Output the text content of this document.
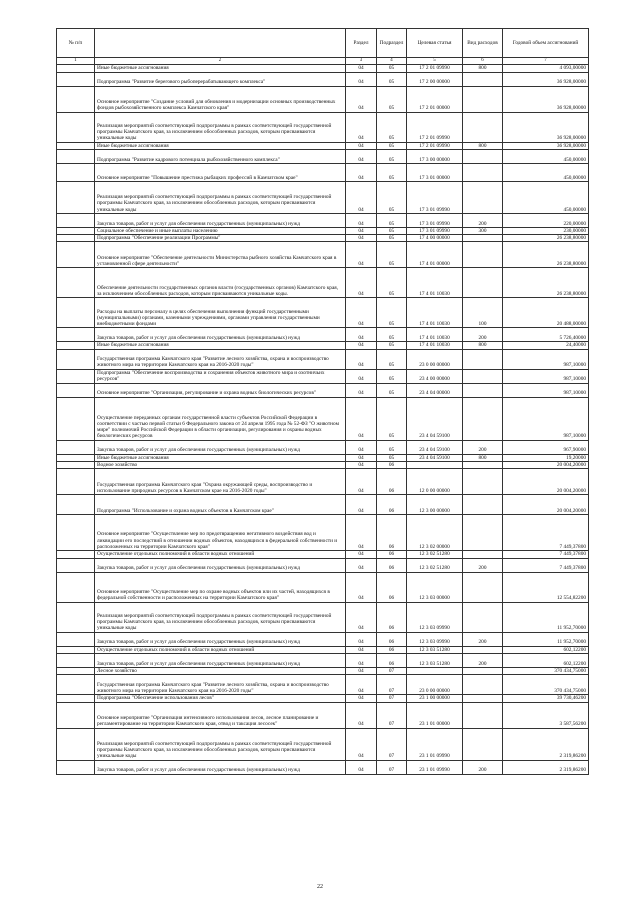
№ п/п		Раздел	Подраздел	Целевая статья	Вид расходов	Годовой объем ассигнований
1	2	3	4	5	6	7
	Иные бюджетные ассигнования	04	05	17 2 01 09990	800	4 093,00000
	Подпрограмма "Развитие берегового рыбоперерабатывающего комплекса"	04	05	17 2 00 00000		36 928,00000
	Основное мероприятие "Создание условий для обновления и модернизации основных производственных фондов рыбохозяйственного комплекса Камчатского края"	04	05	17 2 01 00000		36 928,00000
	Реализация мероприятий соответствующей подпрограммы в рамках соответствующей государственной программы Камчатского края, за исключением обособленных расходов, которым присваиваются уникальные коды	04	05	17 2 01 09990		36 928,00000
	Иные бюджетные ассигнования	04	05	17 2 01 09990	800	36 928,00000
	Подпрограмма "Развитие кадрового потенциала рыбохозяйственного комплекса"	04	05	17 3 00 00000		450,00000
	Основное мероприятие "Повышение престижа рыбацких профессий в Камчатском крае"	04	05	17 3 01 00000		450,00000
	Реализация мероприятий соответствующей подпрограммы в рамках соответствующей государственной программы Камчатского края, за исключением обособленных расходов, которым присваиваются уникальные коды	04	05	17 3 01 09990		450,00000
	Закупка товаров, работ и услуг для обеспечения государственных (муниципальных) нужд	04	05	17 3 01 09990	200	220,00000
	Социальное обеспечение и иные выплаты населению	04	05	17 3 01 09990	300	230,00000
	Подпрограмма "Обеспечение реализации Программы"	04	05	17 4 00 00000		26 238,80000
	Основное мероприятие "Обеспечение деятельности Министерства рыбного хозяйства Камчатского края в установленной сфере деятельности"	04	05	17 4 01 00000		26 238,80000
	Обеспечение деятельности государственных органов власти (государственных органов) Камчатского края, за исключением обособленных расходов, которым присваиваются уникальные коды.	04	05	17 4 01 10030		26 238,80000
	Расходы на выплаты персоналу в целях обеспечения выполнения функций государственными (муниципальными) органами, казенными учреждениями, органами управления государственными внебюджетными фондами	04	05	17 4 01 10030	100	20 488,00000
	Закупка товаров, работ и услуг для обеспечения государственных (муниципальных) нужд	04	05	17 4 01 10030	200	5 726,40000
	Иные бюджетные ассигнования	04	05	17 4 01 10030	800	24,40000
	Государственная программа Камчатского края "Развитие лесного хозяйства, охрана и воспроизводство животного мира на территории Камчатского края на 2016-2020 годы"	04	05	23 0 00 00000		987,10000
	Подпрограмма "Обеспечение воспроизводства и сохранения объектов животного мира и охотничьих ресурсов"	04	05	23 4 00 00000		987,10000
	Основное мероприятие "Организация, регулирование и охрана водных биологических ресурсов"	04	05	23 4 04 00000		987,10000
	Осуществление переданных органам государственной власти субъектов Российской Федерации в соответствии с частью первой статьи 6 Федерального закона от 24 апреля 1995 года № 52-ФЗ "О животном мире" полномочий Российской Федерации в области организации, регулирования и охраны водных биологических ресурсов	04	05	23 4 04 59100		987,10000
	Закупка товаров, работ и услуг для обеспечения государственных (муниципальных) нужд	04	05	23 4 04 59100	200	967,90000
	Иные бюджетные ассигнования	04	05	23 4 04 59100	800	19,20000
	Водное хозяйство	04	06			20 004,20000
	Государственная программа Камчатского края "Охрана окружающей среды, воспроизводство и использование природных ресурсов в Камчатском крае на 2016-2020 годы"	04	06	12 0 00 00000		20 004,20000
	Подпрограмма "Использование и охрана водных объектов в Камчатском крае"	04	06	12 3 00 00000		20 004,20000
	Основное мероприятие "Осуществление мер по предотвращению негативного воздействия вод и ликвидации его последствий в отношении водных объектов, находящихся в федеральной собственности и расположенных на территории Камчатского края"	04	06	12 3 02 00000		7 449,37800
	Осуществление отдельных полномочий в области водных отношений	04	06	12 3 02 51280		7 449,37800
	Закупка товаров, работ и услуг для обеспечения государственных (муниципальных) нужд	04	06	12 3 02 51280	200	7 449,37800
	Основное мероприятие "Осуществление мер по охране водных объектов или их частей, находящихся в федеральной собственности и расположенных на территории Камчатского края"	04	06	12 3 03 00000		12 554,82200
	Реализация мероприятий соответствующей подпрограммы в рамках соответствующей государственной программы Камчатского края, за исключением обособленных расходов, которым присваиваются уникальные коды	04	06	12 3 03 09990		11 952,70000
	Закупка товаров, работ и услуг для обеспечения государственных (муниципальных) нужд	04	06	12 3 03 09990	200	11 952,70000
	Осуществление отдельных полномочий в области водных отношений	04	06	12 3 03 51280		602,12200
	Закупка товаров, работ и услуг для обеспечения государственных (муниципальных) нужд	04	06	12 3 03 51280	200	602,12200
	Лесное хозяйство	04	07			370 434,75000
	Государственная программа Камчатского края "Развитие лесного хозяйства, охрана и воспроизводство животного мира на территории Камчатского края на 2016-2020 годы"	04	07	23 0 00 00000		370 434,75000
	Подпрограмма "Обеспечение использования лесов"	04	07	23 1 00 00000		39 730,46200
	Основное мероприятие "Организация интенсивного использования лесов, лесное планирование и регламентирование на территории Камчатского края, отвод и таксация лесосек"	04	07	23 1 01 00000		3 587,56200
	Реализация мероприятий соответствующей подпрограммы в рамках соответствующей государственной программы Камчатского края, за исключением обособленных расходов, которым присваиваются уникальные коды	04	07	23 1 01 09990		2 319,86200
	Закупка товаров, работ и услуг для обеспечения государственных (муниципальных) нужд	04	07	23 1 01 09990	200	2 319,86200
22
